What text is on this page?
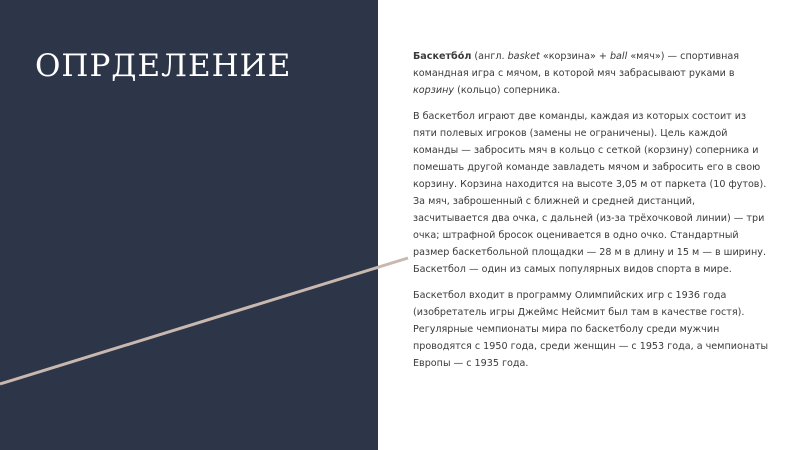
ОПРДЕЛЕНИЕ	Баскетбо́л (англ. basket «корзина» + ball «мяч») — спортивная командная игра с мячом, в которой мяч забрасывают руками в корзину (кольцо) соперника.

В баскетбол играют две команды, каждая из которых состоит из пяти полевых игроков (замены не ограничены). Цель каждой команды — забросить мяч в кольцо с сеткой (корзину) соперника и помешать другой команде завладеть мячом и забросить его в свою корзину. Корзина находится на высоте 3,05 м от паркета (10 футов). За мяч, заброшенный с ближней и средней дистанций, засчитывается два очка, с дальней (из-за трёхочковой линии) — три очка; штрафной бросок оценивается в одно очко. Стандартный размер баскетбольной площадки — 28 м в длину и 15 м — в ширину. Баскетбол — один из самых популярных видов спорта в мире.

Баскетбол входит в программу Олимпийских игр с 1936 года (изобретатель игры Джеймс Нейсмит был там в качестве гостя). Регулярные чемпионаты мира по баскетболу среди мужчин проводятся с 1950 года, среди женщин — с 1953 года, а чемпионаты Европы — с 1935 года.
